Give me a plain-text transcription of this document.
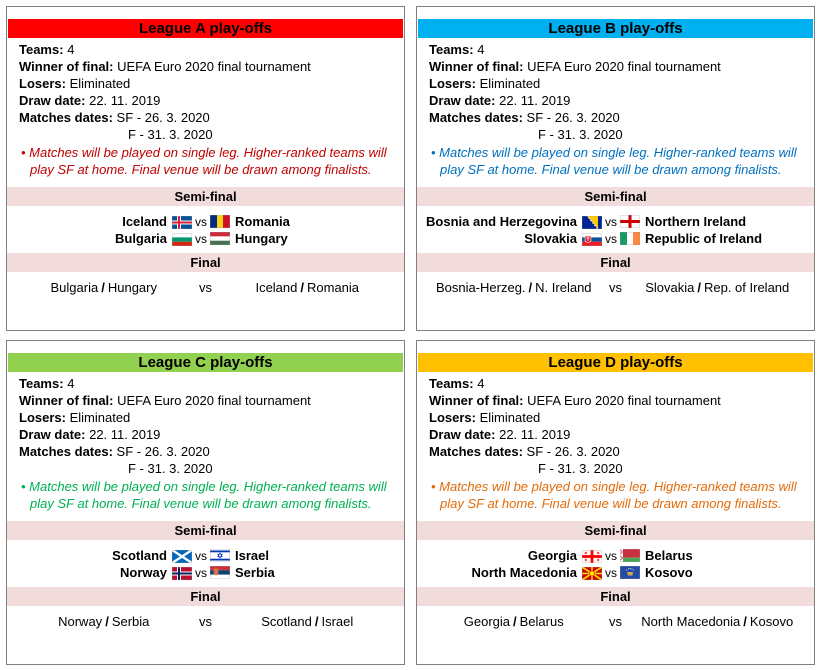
League A play-offs
Teams: 4
Winner of final: UEFA Euro 2020 final tournament
Losers: Eliminated
Draw date: 22. 11. 2019
Matches dates: SF - 26. 3. 2020
F - 31. 3. 2020
• Matches will be played on single leg. Higher-ranked teams will
play SF at home. Final venue will be drawn among finalists.
Semi-final
Iceland vs Romania
Bulgaria vs Hungary
Final
Bulgaria / Hungary	vs	Iceland / Romania
League B play-offs
Teams: 4
Winner of final: UEFA Euro 2020 final tournament
Losers: Eliminated
Draw date: 22. 11. 2019
Matches dates: SF - 26. 3. 2020
F - 31. 3. 2020
• Matches will be played on single leg. Higher-ranked teams will
play SF at home. Final venue will be drawn among finalists.
Semi-final
Bosnia and Herzegovina vs Northern Ireland
Slovakia vs Republic of Ireland
Final
Bosnia-Herzeg. / N. Ireland	vs	Slovakia / Rep. of Ireland
League C play-offs
Teams: 4
Winner of final: UEFA Euro 2020 final tournament
Losers: Eliminated
Draw date: 22. 11. 2019
Matches dates: SF - 26. 3. 2020
F - 31. 3. 2020
• Matches will be played on single leg. Higher-ranked teams will
play SF at home. Final venue will be drawn among finalists.
Semi-final
Scotland vs Israel
Norway vs Serbia
Final
Norway / Serbia	vs	Scotland / Israel
League D play-offs
Teams: 4
Winner of final: UEFA Euro 2020 final tournament
Losers: Eliminated
Draw date: 22. 11. 2019
Matches dates: SF - 26. 3. 2020
F - 31. 3. 2020
• Matches will be played on single leg. Higher-ranked teams will
play SF at home. Final venue will be drawn among finalists.
Semi-final
Georgia vs Belarus
North Macedonia vs Kosovo
Final
Georgia / Belarus	vs	North Macedonia / Kosovo
